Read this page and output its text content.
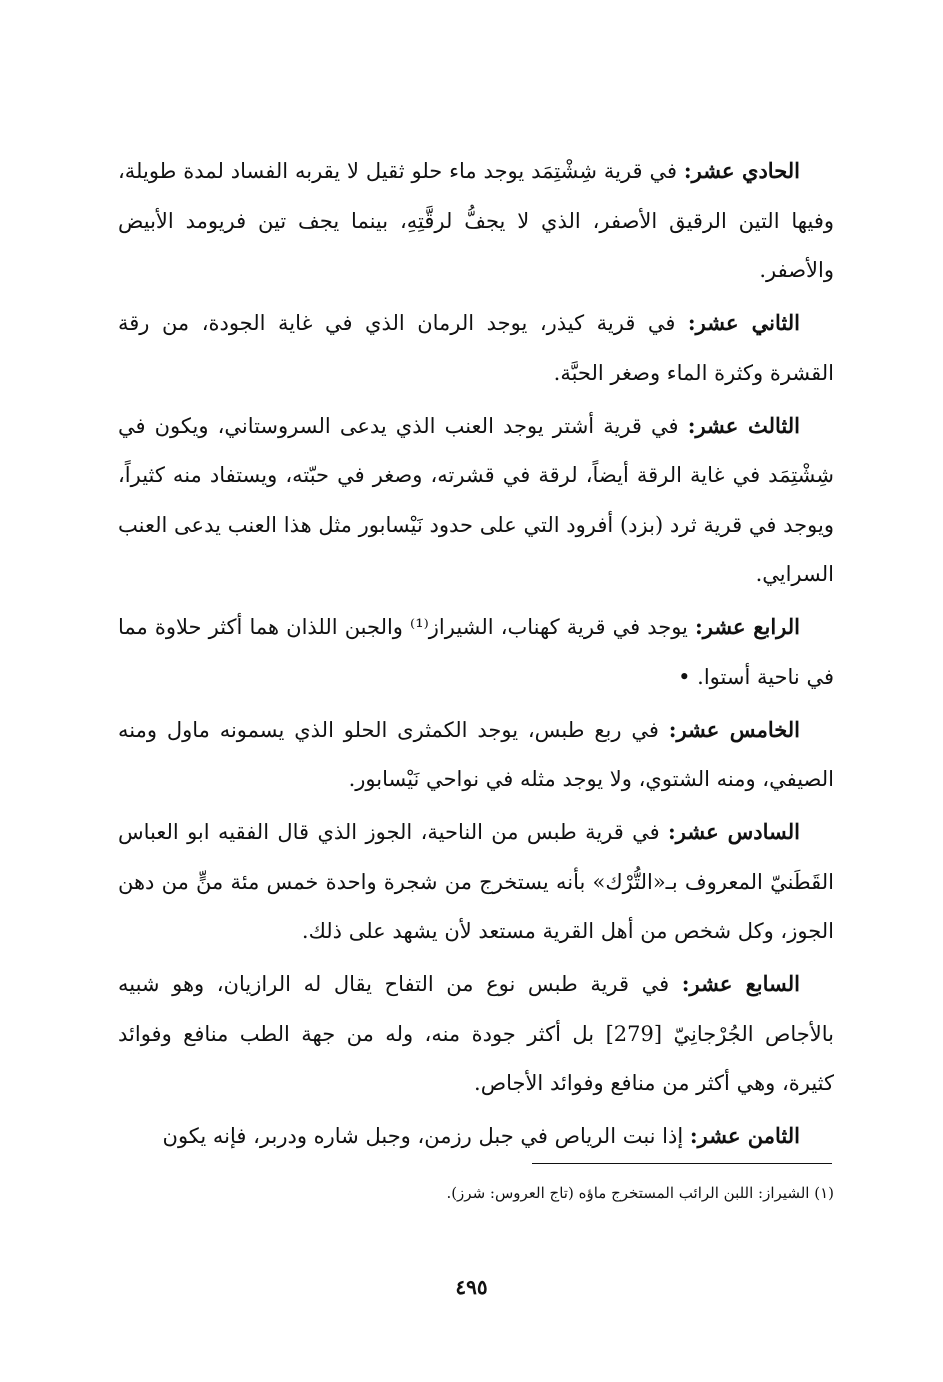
الحادي عشر: في قرية شِشْتِمَد يوجد ماء حلو ثقيل لا يقربه الفساد لمدة طويلة، وفيها التين الرقيق الأصفر، الذي لا يجفُّ لرقَّتِهِ، بينما يجف تين فريومد الأبيض والأصفر.

الثاني عشر: في قرية كيذر، يوجد الرمان الذي في غاية الجودة، من رقة القشرة وكثرة الماء وصغر الحبَّة.

الثالث عشر: في قرية أشتر يوجد العنب الذي يدعى السروستاني، ويكون في شِشْتِمَد في غاية الرقة أيضاً، لرقة في قشرته، وصغر في حبّته، ويستفاد منه كثيراً، ويوجد في قرية ثرد (بزد) أفرود التي على حدود نَيْسابور مثل هذا العنب يدعى العنب السرايي.

الرابع عشر: يوجد في قرية كهناب، الشيراز⁽¹⁾ والجبن اللذان هما أكثر حلاوة مما في ناحية أستوا. •

الخامس عشر: في ربع طبس، يوجد الكمثرى الحلو الذي يسمونه ماول ومنه الصيفي، ومنه الشتوي، ولا يوجد مثله في نواحي نَيْسابور.

السادس عشر: في قرية طبس من الناحية، الجوز الذي قال الفقيه ابو العباس القَطَنيّ المعروف بـ«التُّرْك» بأنه يستخرج من شجرة واحدة خمس مئة منٍّ من دهن الجوز، وكل شخص من أهل القرية مستعد لأن يشهد على ذلك.

السابع عشر: في قرية طبس نوع من التفاح يقال له الرازيان، وهو شبيه بالأجاص الجُرْجانِيّ [279] بل أكثر جودة منه، وله من جهة الطب منافع وفوائد كثيرة، وهي أكثر من منافع وفوائد الأجاص.

الثامن عشر: إذا نبت الرياص في جبل رزمن، وجبل شاره ودربر، فإنه يكون

(١) الشيراز: اللبن الرائب المستخرج ماؤه (تاج العروس: شرز).
٤٩٥
